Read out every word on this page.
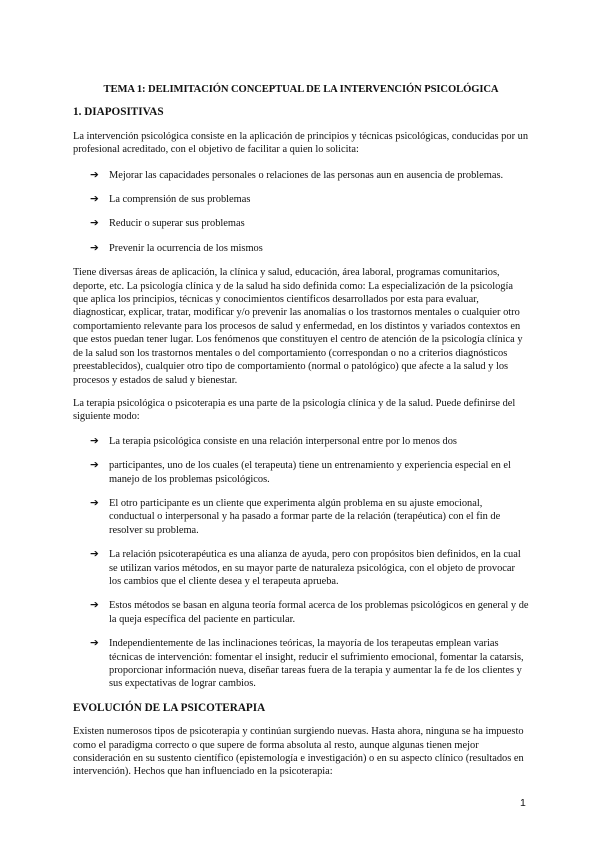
TEMA 1: DELIMITACIÓN CONCEPTUAL DE LA INTERVENCIÓN PSICOLÓGICA
1. DIAPOSITIVAS

La intervención psicológica consiste en la aplicación de principios y técnicas psicológicas, conducidas por un profesional acreditado, con el objetivo de facilitar a quien lo solicita:

➔ Mejorar las capacidades personales o relaciones de las personas aun en ausencia de problemas.
➔ La comprensión de sus problemas
➔ Reducir o superar sus problemas
➔ Prevenir la ocurrencia de los mismos

Tiene diversas áreas de aplicación, la clínica y salud, educación, área laboral, programas comunitarios, deporte, etc. La psicología clínica y de la salud ha sido definida como: La especialización de la psicología que aplica los principios, técnicas y conocimientos científicos desarrollados por esta para evaluar, diagnosticar, explicar, tratar, modificar y/o prevenir las anomalías o los trastornos mentales o cualquier otro comportamiento relevante para los procesos de salud y enfermedad, en los distintos y variados contextos en que estos puedan tener lugar. Los fenómenos que constituyen el centro de atención de la psicología clínica y de la salud son los trastornos mentales o del comportamiento (correspondan o no a criterios diagnósticos preestablecidos), cualquier otro tipo de comportamiento (normal o patológico) que afecte a la salud y los procesos y estados de salud y bienestar.

La terapia psicológica o psicoterapia es una parte de la psicología clínica y de la salud. Puede definirse del siguiente modo:

➔ La terapia psicológica consiste en una relación interpersonal entre por lo menos dos
➔ participantes, uno de los cuales (el terapeuta) tiene un entrenamiento y experiencia especial en el manejo de los problemas psicológicos.
➔ El otro participante es un cliente que experimenta algún problema en su ajuste emocional, conductual o interpersonal y ha pasado a formar parte de la relación (terapéutica) con el fin de resolver su problema.
➔ La relación psicoterapéutica es una alianza de ayuda, pero con propósitos bien definidos, en la cual se utilizan varios métodos, en su mayor parte de naturaleza psicológica, con el objeto de provocar los cambios que el cliente desea y el terapeuta aprueba.
➔ Estos métodos se basan en alguna teoría formal acerca de los problemas psicológicos en general y de la queja específica del paciente en particular.
➔ Independientemente de las inclinaciones teóricas, la mayoría de los terapeutas emplean varias técnicas de intervención: fomentar el insight, reducir el sufrimiento emocional, fomentar la catarsis, proporcionar información nueva, diseñar tareas fuera de la terapia y aumentar la fe de los clientes y sus expectativas de lograr cambios.
EVOLUCIÓN DE LA PSICOTERAPIA

Existen numerosos tipos de psicoterapia y continúan surgiendo nuevas. Hasta ahora, ninguna se ha impuesto como el paradigma correcto o que supere de forma absoluta al resto, aunque algunas tienen mejor consideración en su sustento científico (epistemología e investigación) o en su aspecto clínico (resultados en intervención). Hechos que han influenciado en la psicoterapia:

1
